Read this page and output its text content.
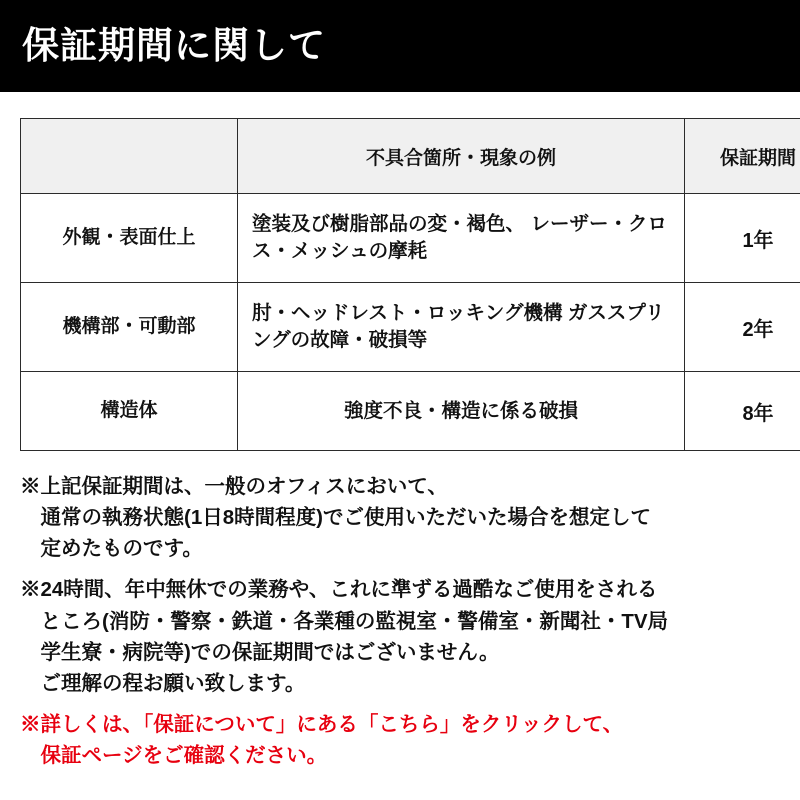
保証期間に関して
	不具合箇所・現象の例	保証期間
外観・表面仕上	塗装及び樹脂部品の変・褐色、 レーザー・クロス・メッシュの摩耗	1年
機構部・可動部	肘・ヘッドレスト・ロッキング機構 ガススプリングの故障・破損等	2年
構造体	強度不良・構造に係る破損	8年
※上記保証期間は、一般のオフィスにおいて、
　通常の執務状態(1日8時間程度)でご使用いただいた場合を想定して
　定めたものです。
※24時間、年中無休での業務や、これに準ずる過酷なご使用をされる
　ところ(消防・警察・鉄道・各業種の監視室・警備室・新聞社・TV局
　学生寮・病院等)での保証期間ではございません。
　ご理解の程お願い致します。
※詳しくは、「保証について」にある「こちら」をクリックして、
　保証ページをご確認ください。
